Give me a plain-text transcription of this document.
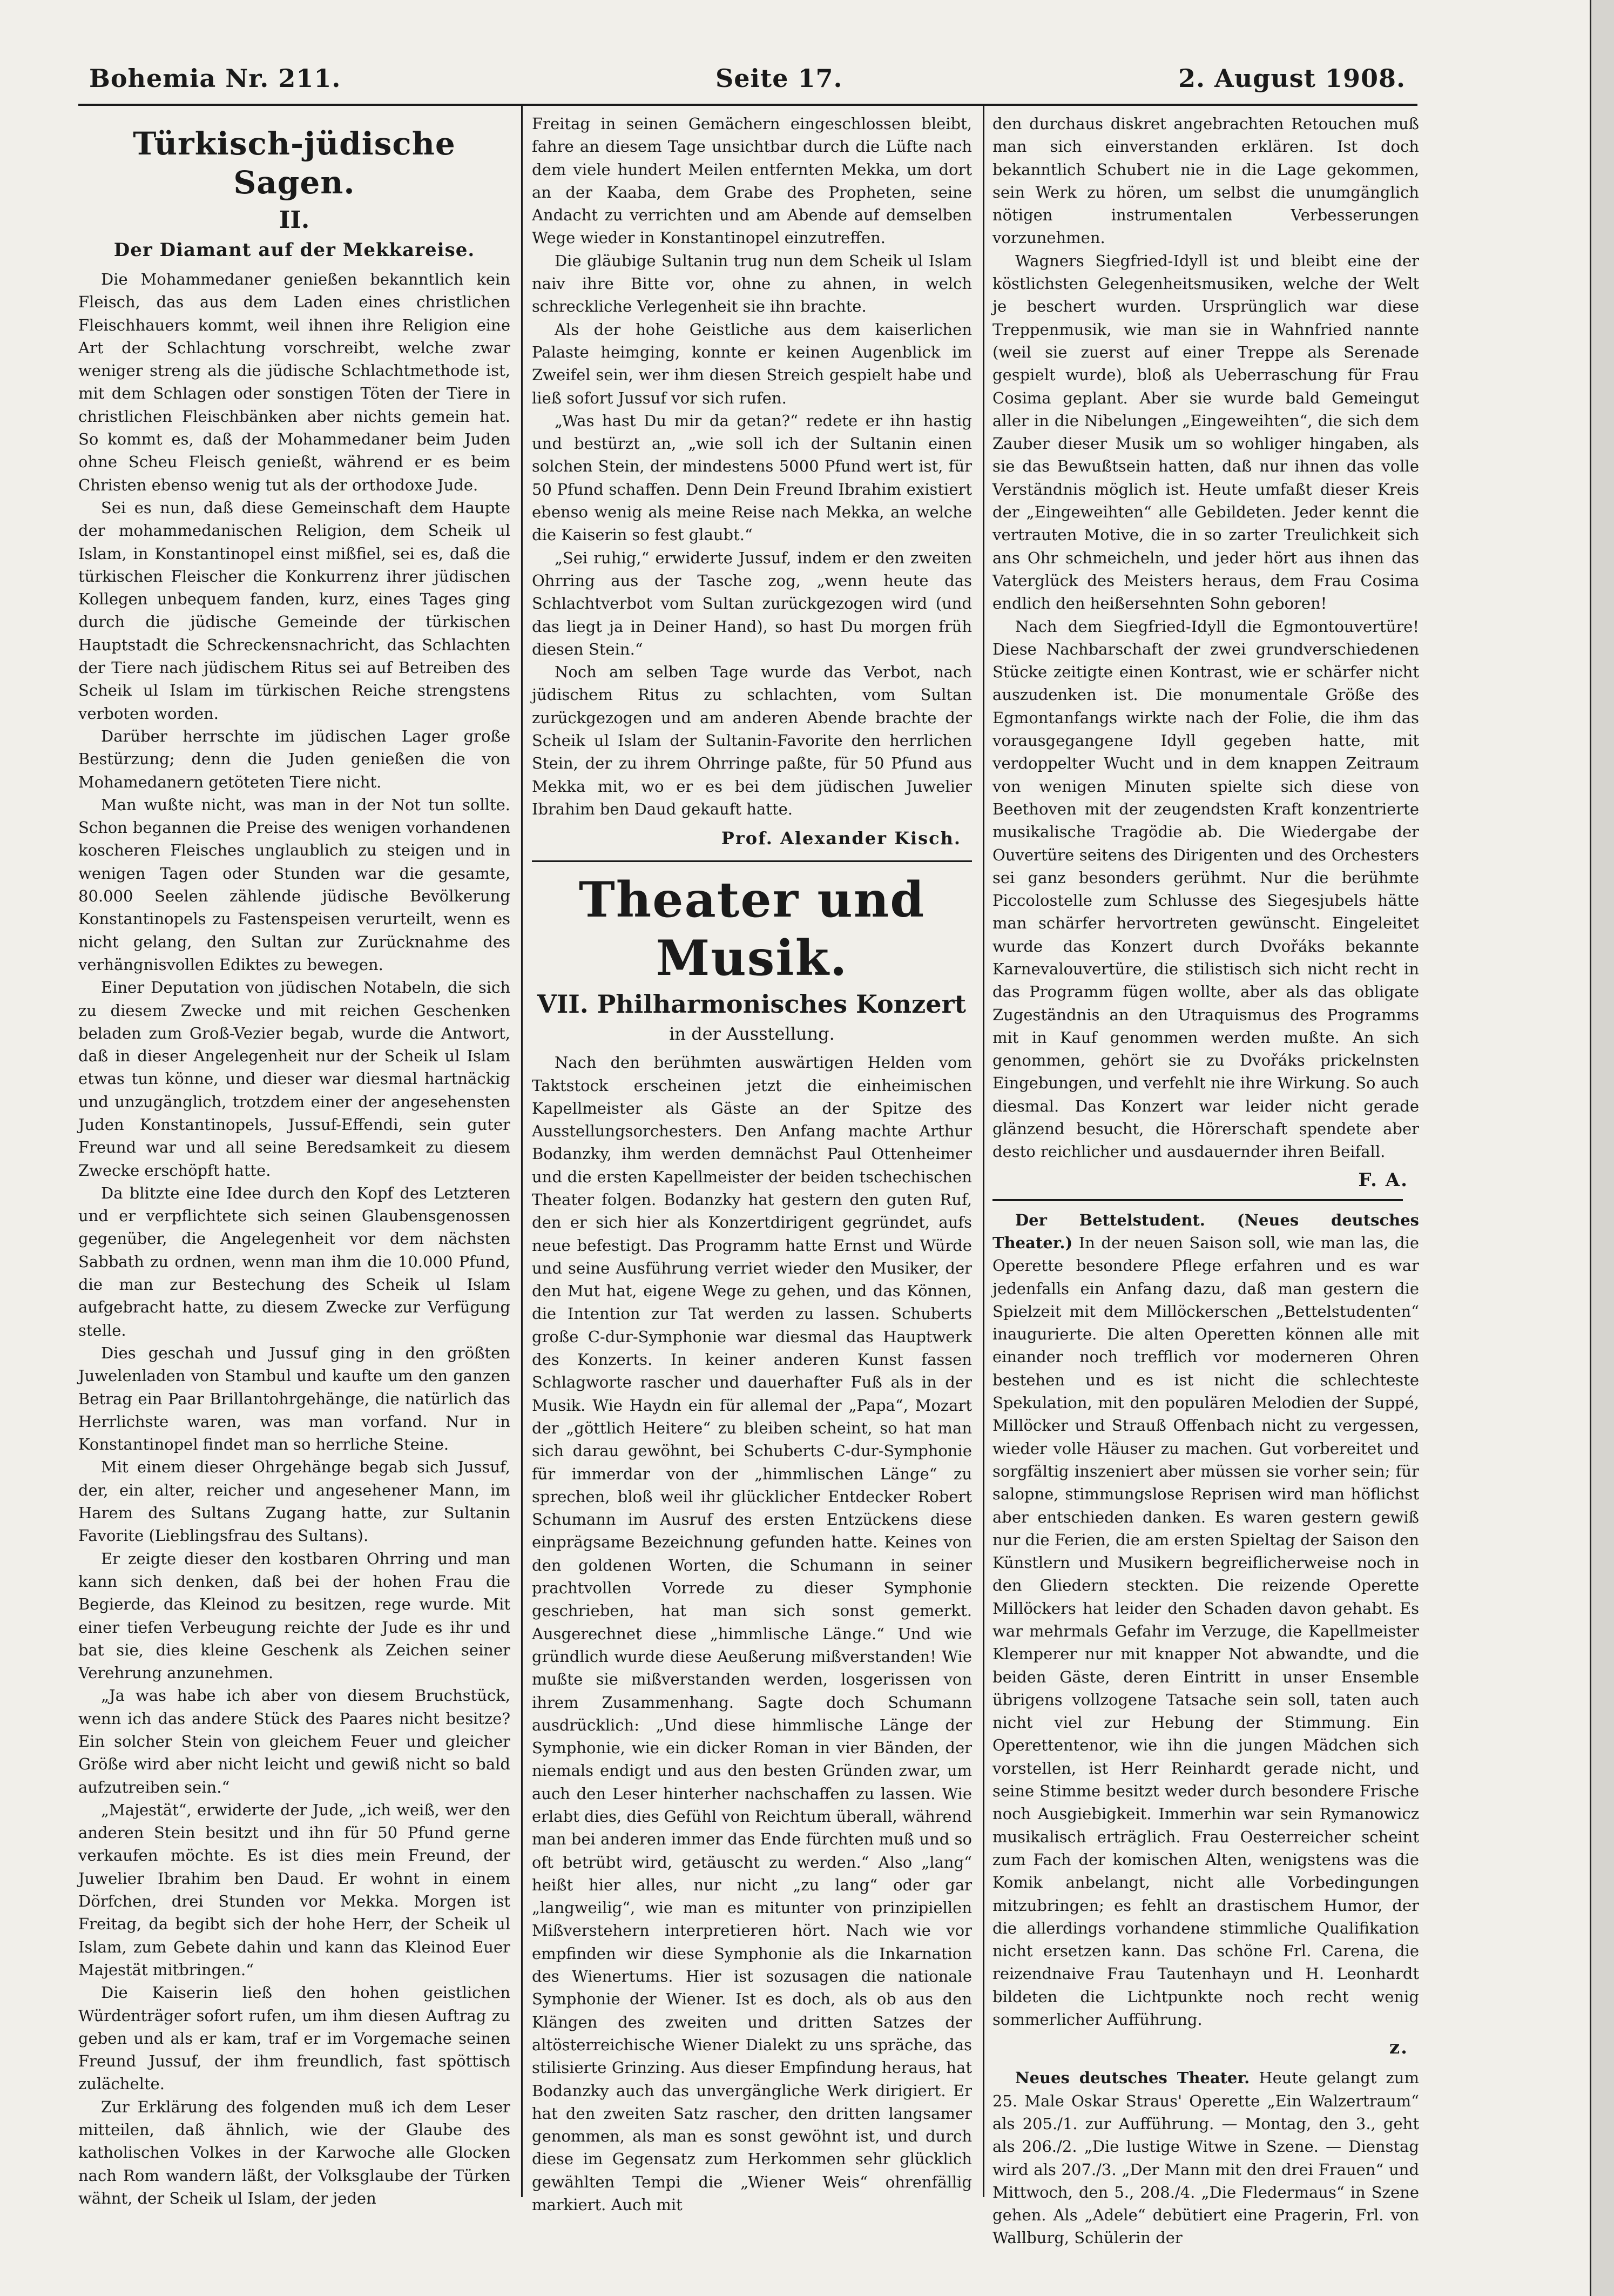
Bohemia Nr. 211.	Seite 17.	2. August 1908.
Türkisch-jüdische Sagen.
II.
Der Diamant auf der Mekkareise.

Die Mohammedaner genießen bekanntlich kein Fleisch, das aus dem Laden eines christlichen Fleischhauers kommt, weil ihnen ihre Religion eine Art der Schlachtung vorschreibt, welche zwar weniger streng als die jüdische Schlachtmethode ist, mit dem Schlagen oder sonstigen Töten der Tiere in christlichen Fleischbänken aber nichts gemein hat. So kommt es, daß der Mohammedaner beim Juden ohne Scheu Fleisch genießt, während er es beim Christen ebenso wenig tut als der orthodoxe Jude.

Sei es nun, daß diese Gemeinschaft dem Haupte der mohammedanischen Religion, dem Scheik ul Islam, in Konstantinopel einst mißfiel, sei es, daß die türkischen Fleischer die Konkurrenz ihrer jüdischen Kollegen unbequem fanden, kurz, eines Tages ging durch die jüdische Gemeinde der türkischen Hauptstadt die Schreckensnachricht, das Schlachten der Tiere nach jüdischem Ritus sei auf Betreiben des Scheik ul Islam im türkischen Reiche strengstens verboten worden.

Darüber herrschte im jüdischen Lager große Bestürzung; denn die Juden genießen die von Mohamedanern getöteten Tiere nicht.

Man wußte nicht, was man in der Not tun sollte. Schon begannen die Preise des wenigen vorhandenen koscheren Fleisches unglaublich zu steigen und in wenigen Tagen oder Stunden war die gesamte, 80.000 Seelen zählende jüdische Bevölkerung Konstantinopels zu Fastenspeisen verurteilt, wenn es nicht gelang, den Sultan zur Zurücknahme des verhängnisvollen Ediktes zu bewegen.

Einer Deputation von jüdischen Notabeln, die sich zu diesem Zwecke und mit reichen Geschenken beladen zum Groß-Vezier begab, wurde die Antwort, daß in dieser Angelegenheit nur der Scheik ul Islam etwas tun könne, und dieser war diesmal hartnäckig und unzugänglich, trotzdem einer der angesehensten Juden Konstantinopels, Jussuf-Effendi, sein guter Freund war und all seine Beredsamkeit zu diesem Zwecke erschöpft hatte.

Da blitzte eine Idee durch den Kopf des Letzteren und er verpflichtete sich seinen Glaubensgenossen gegenüber, die Angelegenheit vor dem nächsten Sabbath zu ordnen, wenn man ihm die 10.000 Pfund, die man zur Bestechung des Scheik ul Islam aufgebracht hatte, zu diesem Zwecke zur Verfügung stelle.

Dies geschah und Jussuf ging in den größten Juwelenladen von Stambul und kaufte um den ganzen Betrag ein Paar Brillantohrgehänge, die natürlich das Herrlichste waren, was man vorfand. Nur in Konstantinopel findet man so herrliche Steine.

Mit einem dieser Ohrgehänge begab sich Jussuf, der, ein alter, reicher und angesehener Mann, im Harem des Sultans Zugang hatte, zur Sultanin Favorite (Lieblingsfrau des Sultans).

Er zeigte dieser den kostbaren Ohrring und man kann sich denken, daß bei der hohen Frau die Begierde, das Kleinod zu besitzen, rege wurde. Mit einer tiefen Verbeugung reichte der Jude es ihr und bat sie, dies kleine Geschenk als Zeichen seiner Verehrung anzunehmen.

„Ja was habe ich aber von diesem Bruchstück, wenn ich das andere Stück des Paares nicht besitze? Ein solcher Stein von gleichem Feuer und gleicher Größe wird aber nicht leicht und gewiß nicht so bald aufzutreiben sein.“

„Majestät“, erwiderte der Jude, „ich weiß, wer den anderen Stein besitzt und ihn für 50 Pfund gerne verkaufen möchte. Es ist dies mein Freund, der Juwelier Ibrahim ben Daud. Er wohnt in einem Dörfchen, drei Stunden vor Mekka. Morgen ist Freitag, da begibt sich der hohe Herr, der Scheik ul Islam, zum Gebete dahin und kann das Kleinod Euer Majestät mitbringen.“

Die Kaiserin ließ den hohen geistlichen Würdenträger sofort rufen, um ihm diesen Auftrag zu geben und als er kam, traf er im Vorgemache seinen Freund Jussuf, der ihm freundlich, fast spöttisch zulächelte.

Zur Erklärung des folgenden muß ich dem Leser mitteilen, daß ähnlich, wie der Glaube des katholischen Volkes in der Karwoche alle Glocken nach Rom wandern läßt, der Volksglaube der Türken wähnt, der Scheik ul Islam, der jeden

Freitag in seinen Gemächern eingeschlossen bleibt, fahre an diesem Tage unsichtbar durch die Lüfte nach dem viele hundert Meilen entfernten Mekka, um dort an der Kaaba, dem Grabe des Propheten, seine Andacht zu verrichten und am Abende auf demselben Wege wieder in Konstantinopel einzutreffen.

Die gläubige Sultanin trug nun dem Scheik ul Islam naiv ihre Bitte vor, ohne zu ahnen, in welch schreckliche Verlegenheit sie ihn brachte.

Als der hohe Geistliche aus dem kaiserlichen Palaste heimging, konnte er keinen Augenblick im Zweifel sein, wer ihm diesen Streich gespielt habe und ließ sofort Jussuf vor sich rufen.

„Was hast Du mir da getan?“ redete er ihn hastig und bestürzt an, „wie soll ich der Sultanin einen solchen Stein, der mindestens 5000 Pfund wert ist, für 50 Pfund schaffen. Denn Dein Freund Ibrahim existiert ebenso wenig als meine Reise nach Mekka, an welche die Kaiserin so fest glaubt.“

„Sei ruhig,“ erwiderte Jussuf, indem er den zweiten Ohrring aus der Tasche zog, „wenn heute das Schlachtverbot vom Sultan zurückgezogen wird (und das liegt ja in Deiner Hand), so hast Du morgen früh diesen Stein.“

Noch am selben Tage wurde das Verbot, nach jüdischem Ritus zu schlachten, vom Sultan zurückgezogen und am anderen Abende brachte der Scheik ul Islam der Sultanin-Favorite den herrlichen Stein, der zu ihrem Ohrringe paßte, für 50 Pfund aus Mekka mit, wo er es bei dem jüdischen Juwelier Ibrahim ben Daud gekauft hatte.

Prof. Alexander Kisch.
Theater und Musik.
VII. Philharmonisches Konzert
in der Ausstellung.

Nach den berühmten auswärtigen Helden vom Taktstock erscheinen jetzt die einheimischen Kapellmeister als Gäste an der Spitze des Ausstellungsorchesters. Den Anfang machte Arthur Bodanzky, ihm werden demnächst Paul Ottenheimer und die ersten Kapellmeister der beiden tschechischen Theater folgen. Bodanzky hat gestern den guten Ruf, den er sich hier als Konzertdirigent gegründet, aufs neue befestigt. Das Programm hatte Ernst und Würde und seine Ausführung verriet wieder den Musiker, der den Mut hat, eigene Wege zu gehen, und das Können, die Intention zur Tat werden zu lassen. Schuberts große C-dur-Symphonie war diesmal das Hauptwerk des Konzerts. In keiner anderen Kunst fassen Schlagworte rascher und dauerhafter Fuß als in der Musik. Wie Haydn ein für allemal der „Papa“, Mozart der „göttlich Heitere“ zu bleiben scheint, so hat man sich darau gewöhnt, bei Schuberts C-dur-Symphonie für immerdar von der „himmlischen Länge“ zu sprechen, bloß weil ihr glücklicher Entdecker Robert Schumann im Ausruf des ersten Entzückens diese einprägsame Bezeichnung gefunden hatte. Keines von den goldenen Worten, die Schumann in seiner prachtvollen Vorrede zu dieser Symphonie geschrieben, hat man sich sonst gemerkt. Ausgerechnet diese „himmlische Länge.“ Und wie gründlich wurde diese Aeußerung mißverstanden! Wie mußte sie mißverstanden werden, losgerissen von ihrem Zusammenhang. Sagte doch Schumann ausdrücklich: „Und diese himmlische Länge der Symphonie, wie ein dicker Roman in vier Bänden, der niemals endigt und aus den besten Gründen zwar, um auch den Leser hinterher nachschaffen zu lassen. Wie erlabt dies, dies Gefühl von Reichtum überall, während man bei anderen immer das Ende fürchten muß und so oft betrübt wird, getäuscht zu werden.“ Also „lang“ heißt hier alles, nur nicht „zu lang“ oder gar „langweilig“, wie man es mitunter von prinzipiellen Mißverstehern interpretieren hört. Nach wie vor empfinden wir diese Symphonie als die Inkarnation des Wienertums. Hier ist sozusagen die nationale Symphonie der Wiener. Ist es doch, als ob aus den Klängen des zweiten und dritten Satzes der altösterreichische Wiener Dialekt zu uns spräche, das stilisierte Grinzing. Aus dieser Empfindung heraus, hat Bodanzky auch das unvergängliche Werk dirigiert. Er hat den zweiten Satz rascher, den dritten langsamer genommen, als man es sonst gewöhnt ist, und durch diese im Gegensatz zum Herkommen sehr glücklich gewählten Tempi die „Wiener Weis“ ohrenfällig markiert. Auch mit

den durchaus diskret angebrachten Retouchen muß man sich einverstanden erklären. Ist doch bekanntlich Schubert nie in die Lage gekommen, sein Werk zu hören, um selbst die unumgänglich nötigen instrumentalen Verbesserungen vorzunehmen.

Wagners Siegfried-Idyll ist und bleibt eine der köstlichsten Gelegenheitsmusiken, welche der Welt je beschert wurden. Ursprünglich war diese Treppenmusik, wie man sie in Wahnfried nannte (weil sie zuerst auf einer Treppe als Serenade gespielt wurde), bloß als Ueberraschung für Frau Cosima geplant. Aber sie wurde bald Gemeingut aller in die Nibelungen „Eingeweihten“, die sich dem Zauber dieser Musik um so wohliger hingaben, als sie das Bewußtsein hatten, daß nur ihnen das volle Verständnis möglich ist. Heute umfaßt dieser Kreis der „Eingeweihten“ alle Gebildeten. Jeder kennt die vertrauten Motive, die in so zarter Treulichkeit sich ans Ohr schmeicheln, und jeder hört aus ihnen das Vaterglück des Meisters heraus, dem Frau Cosima endlich den heißersehnten Sohn geboren!

Nach dem Siegfried-Idyll die Egmontouvertüre! Diese Nachbarschaft der zwei grundverschiedenen Stücke zeitigte einen Kontrast, wie er schärfer nicht auszudenken ist. Die monumentale Größe des Egmontanfangs wirkte nach der Folie, die ihm das vorausgegangene Idyll gegeben hatte, mit verdoppelter Wucht und in dem knappen Zeitraum von wenigen Minuten spielte sich diese von Beethoven mit der zeugendsten Kraft konzentrierte musikalische Tragödie ab. Die Wiedergabe der Ouvertüre seitens des Dirigenten und des Orchesters sei ganz besonders gerühmt. Nur die berühmte Piccolostelle zum Schlusse des Siegesjubels hätte man schärfer hervortreten gewünscht. Eingeleitet wurde das Konzert durch Dvořáks bekannte Karnevalouvertüre, die stilistisch sich nicht recht in das Programm fügen wollte, aber als das obligate Zugeständnis an den Utraquismus des Programms mit in Kauf genommen werden mußte. An sich genommen, gehört sie zu Dvořáks prickelnsten Eingebungen, und verfehlt nie ihre Wirkung. So auch diesmal. Das Konzert war leider nicht gerade glänzend besucht, die Hörerschaft spendete aber desto reichlicher und ausdauernder ihren Beifall.

F. A.

Der Bettelstudent. (Neues deutsches Theater.) In der neuen Saison soll, wie man las, die Operette besondere Pflege erfahren und es war jedenfalls ein Anfang dazu, daß man gestern die Spielzeit mit dem Millöckerschen „Bettelstudenten“ inaugurierte. Die alten Operetten können alle mit einander noch trefflich vor moderneren Ohren bestehen und es ist nicht die schlechteste Spekulation, mit den populären Melodien der Suppé, Millöcker und Strauß Offenbach nicht zu vergessen, wieder volle Häuser zu machen. Gut vorbereitet und sorgfältig inszeniert aber müssen sie vorher sein; für salopne, stimmungslose Reprisen wird man höflichst aber entschieden danken. Es waren gestern gewiß nur die Ferien, die am ersten Spieltag der Saison den Künstlern und Musikern begreiflicherweise noch in den Gliedern steckten. Die reizende Operette Millöckers hat leider den Schaden davon gehabt. Es war mehrmals Gefahr im Verzuge, die Kapellmeister Klemperer nur mit knapper Not abwandte, und die beiden Gäste, deren Eintritt in unser Ensemble übrigens vollzogene Tatsache sein soll, taten auch nicht viel zur Hebung der Stimmung. Ein Operettentenor, wie ihn die jungen Mädchen sich vorstellen, ist Herr Reinhardt gerade nicht, und seine Stimme besitzt weder durch besondere Frische noch Ausgiebigkeit. Immerhin war sein Rymanowicz musikalisch erträglich. Frau Oesterreicher scheint zum Fach der komischen Alten, wenigstens was die Komik anbelangt, nicht alle Vorbedingungen mitzubringen; es fehlt an drastischem Humor, der die allerdings vorhandene stimmliche Qualifikation nicht ersetzen kann. Das schöne Frl. Carena, die reizendnaive Frau Tautenhayn und H. Leonhardt bildeten die Lichtpunkte noch recht wenig sommerlicher Aufführung.

z.

Neues deutsches Theater. Heute gelangt zum 25. Male Oskar Straus' Operette „Ein Walzertraum“ als 205./1. zur Aufführung. — Montag, den 3., geht als 206./2. „Die lustige Witwe in Szene. — Dienstag wird als 207./3. „Der Mann mit den drei Frauen“ und Mittwoch, den 5., 208./4. „Die Fledermaus“ in Szene gehen. Als „Adele“ debütiert eine Pragerin, Frl. von Wallburg, Schülerin der
